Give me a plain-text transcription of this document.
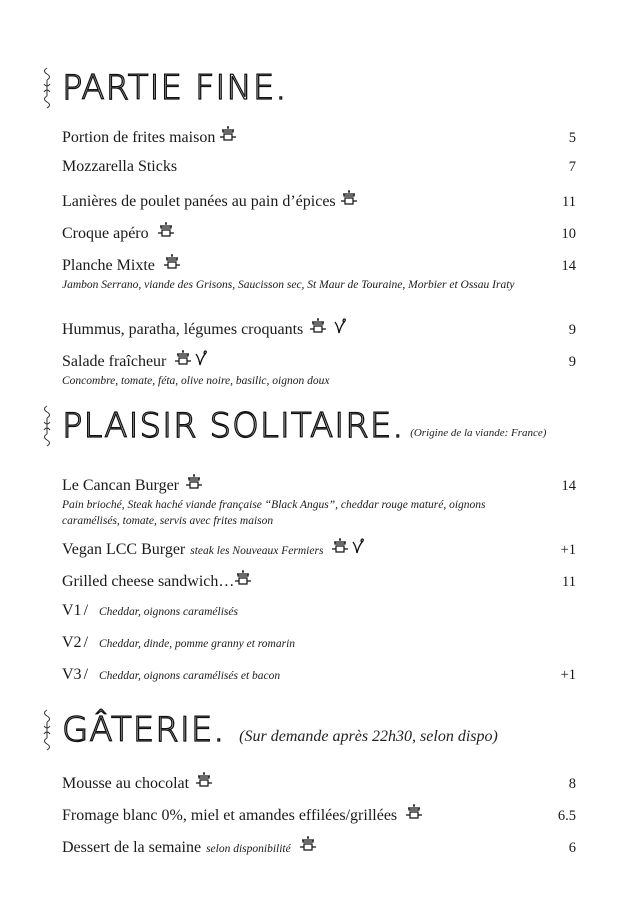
PARTIE FINE.
Portion de frites maison	5
Mozzarella Sticks	7
Lanières de poulet panées au pain d’épices	11
Croque apéro	10
Planche Mixte	14
Jambon Serrano, viande des Grisons, Saucisson sec, St Maur de Touraine, Morbier et Ossau Iraty
Hummus, paratha, légumes croquants	9
Salade fraîcheur	9
Concombre, tomate, féta, olive noire, basilic, oignon doux
PLAISIR SOLITAIRE. (Origine de la viande: France)
Le Cancan Burger	14
Pain brioché, Steak haché viande française “Black Angus”, cheddar rouge maturé, oignons caramélisés, tomate, servis avec frites maison
Vegan LCC Burger steak les Nouveaux Fermiers	+1
Grilled cheese sandwich…	11
V1 / Cheddar, oignons caramélisés
V2 / Cheddar, dinde, pomme granny et romarin
V3 / Cheddar, oignons caramélisés et bacon	+1
GÂTERIE. (Sur demande après 22h30, selon dispo)
Mousse au chocolat	8
Fromage blanc 0%, miel et amandes effilées/grillées	6.5
Dessert de la semaine selon disponibilité	6
